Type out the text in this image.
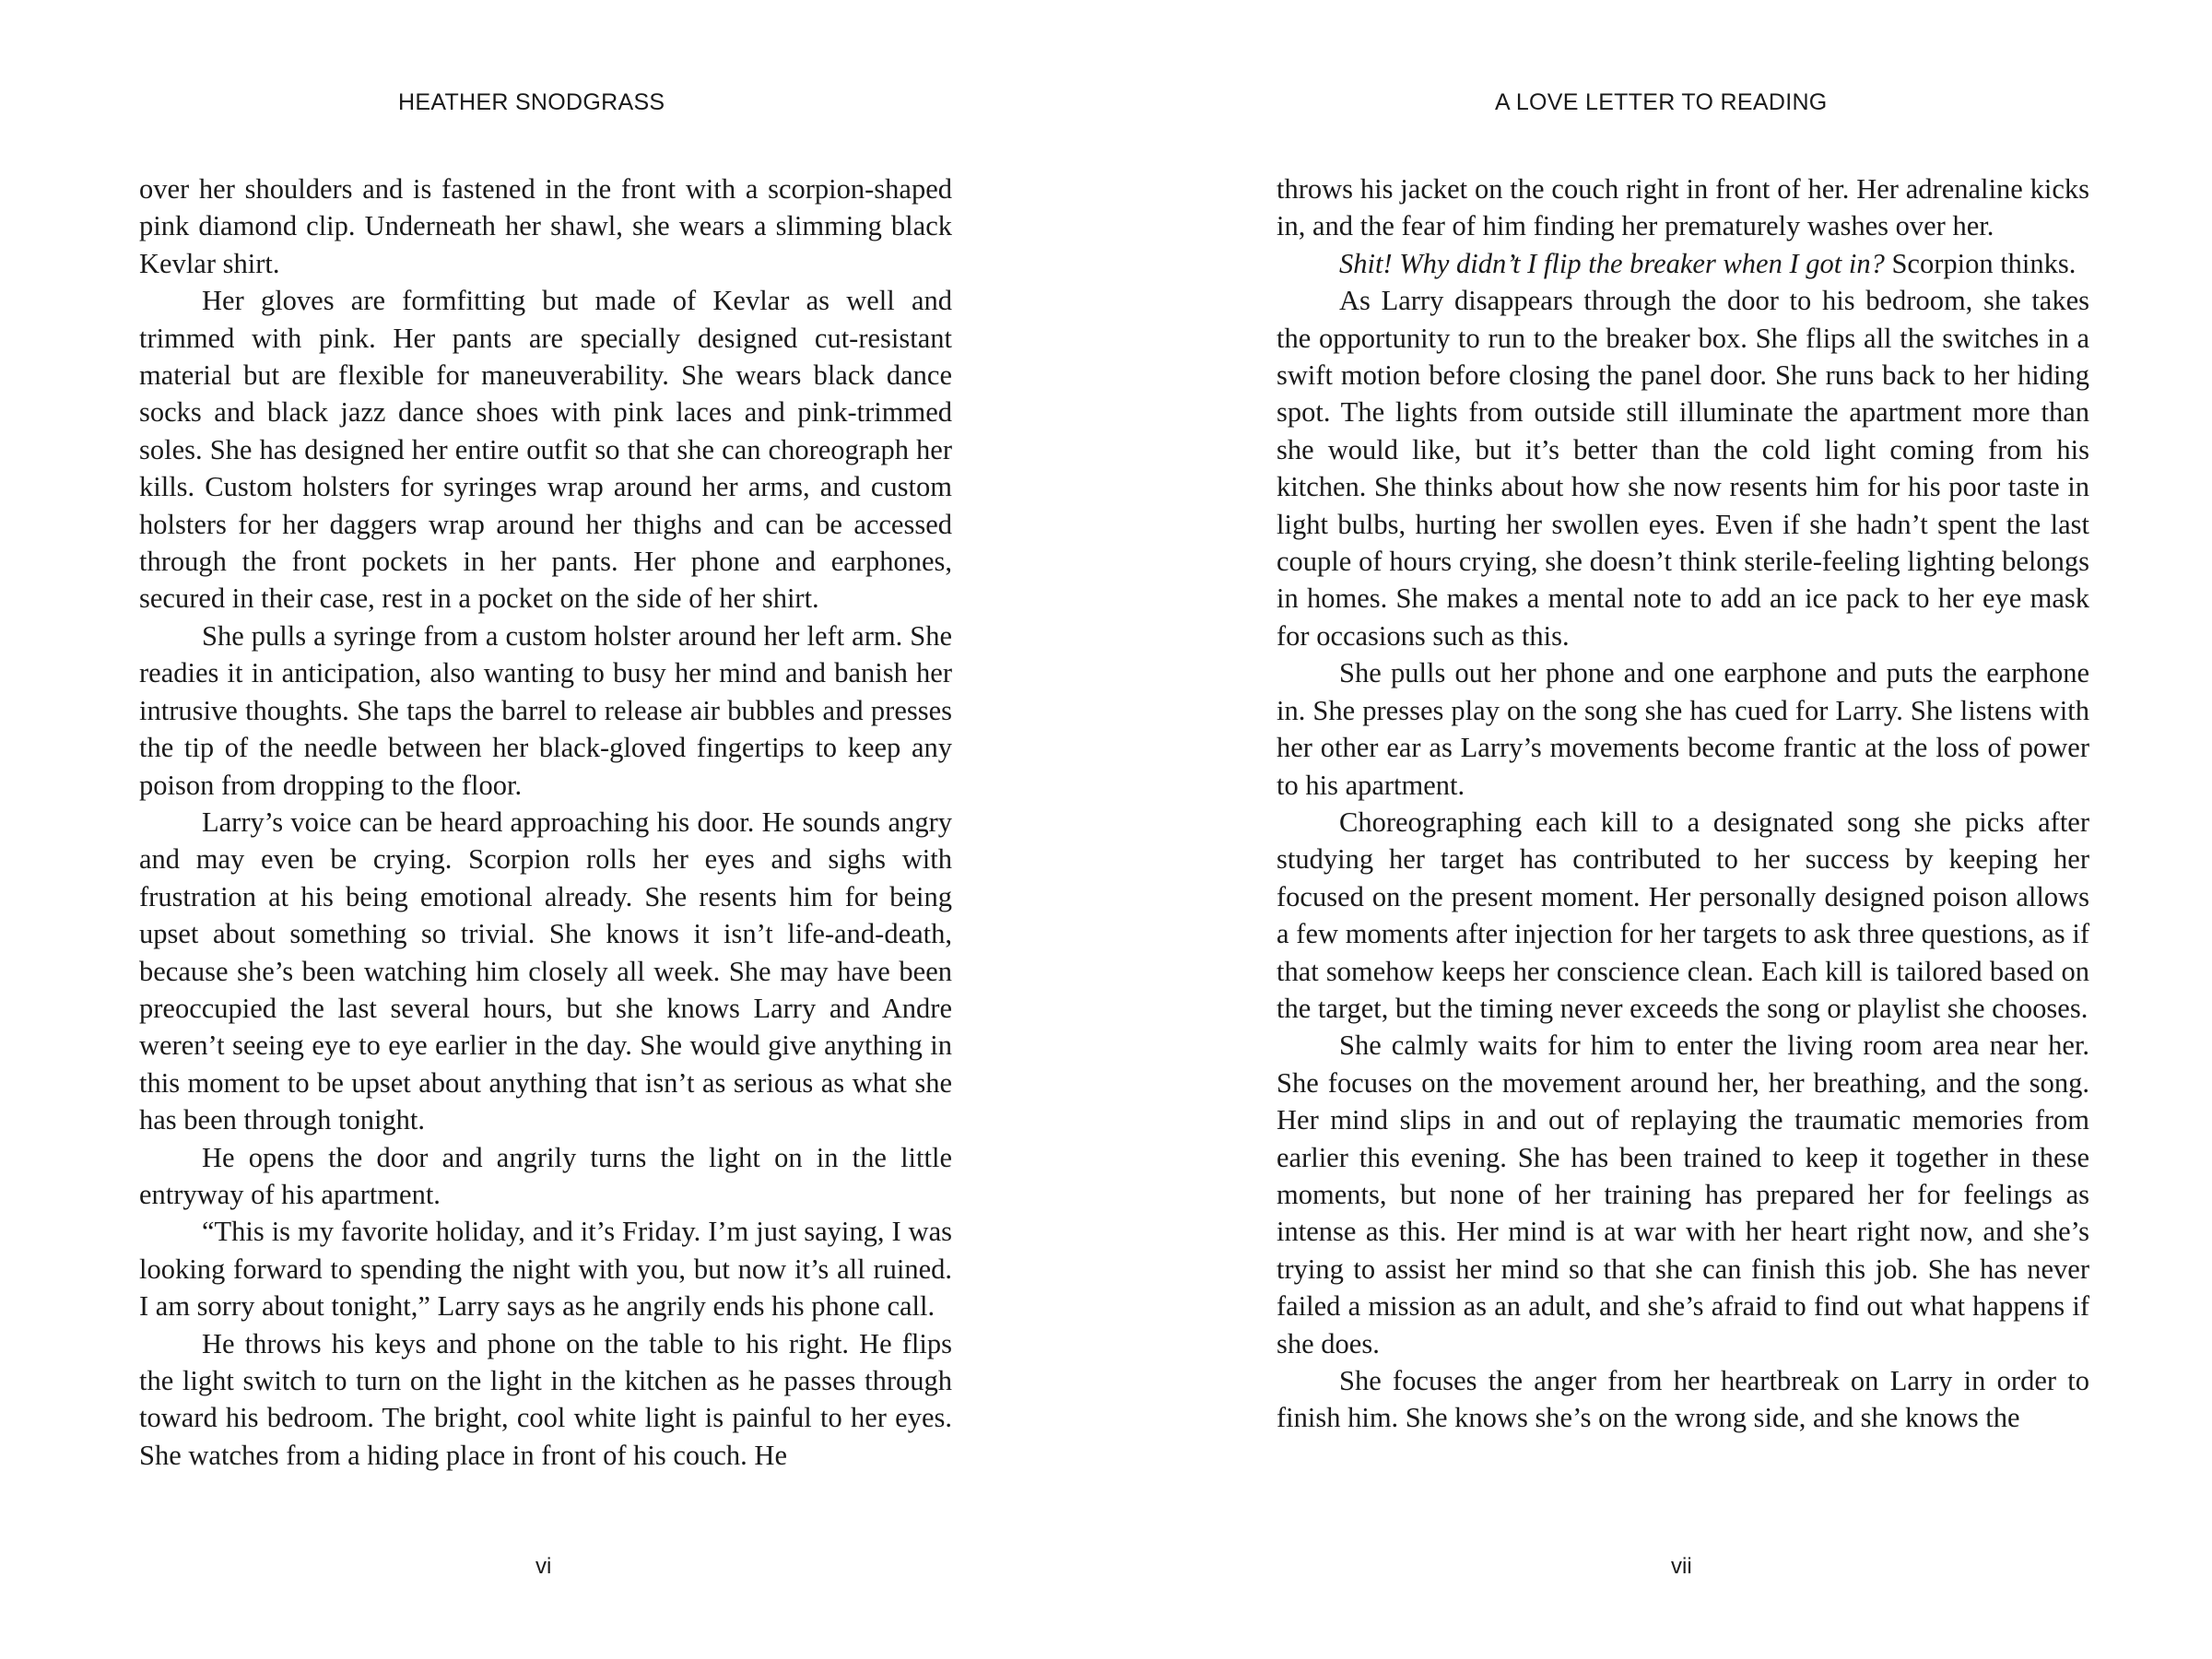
HEATHER SNODGRASS

over her shoulders and is fastened in the front with a scorpion-shaped pink diamond clip. Underneath her shawl, she wears a slimming black Kevlar shirt.

Her gloves are formfitting but made of Kevlar as well and trimmed with pink. Her pants are specially designed cut-resistant material but are flexible for maneuverability. She wears black dance socks and black jazz dance shoes with pink laces and pink-trimmed soles. She has designed her entire outfit so that she can choreograph her kills. Custom holsters for syringes wrap around her arms, and custom holsters for her daggers wrap around her thighs and can be accessed through the front pockets in her pants. Her phone and earphones, secured in their case, rest in a pocket on the side of her shirt.

She pulls a syringe from a custom holster around her left arm. She readies it in anticipation, also wanting to busy her mind and banish her intrusive thoughts. She taps the barrel to release air bubbles and presses the tip of the needle between her black-gloved fingertips to keep any poison from dropping to the floor.

Larry’s voice can be heard approaching his door. He sounds angry and may even be crying. Scorpion rolls her eyes and sighs with frustration at his being emotional already. She resents him for being upset about something so trivial. She knows it isn’t life-and-death, because she’s been watching him closely all week. She may have been preoccupied the last several hours, but she knows Larry and Andre weren’t seeing eye to eye earlier in the day. She would give anything in this moment to be upset about anything that isn’t as serious as what she has been through tonight.

He opens the door and angrily turns the light on in the little entryway of his apartment.

“This is my favorite holiday, and it’s Friday. I’m just saying, I was looking forward to spending the night with you, but now it’s all ruined. I am sorry about tonight,” Larry says as he angrily ends his phone call.

He throws his keys and phone on the table to his right. He flips the light switch to turn on the light in the kitchen as he passes through toward his bedroom. The bright, cool white light is painful to her eyes. She watches from a hiding place in front of his couch. He

vi
A LOVE LETTER TO READING

throws his jacket on the couch right in front of her. Her adrenaline kicks in, and the fear of him finding her prematurely washes over her.

Shit! Why didn’t I flip the breaker when I got in? Scorpion thinks.

As Larry disappears through the door to his bedroom, she takes the opportunity to run to the breaker box. She flips all the switches in a swift motion before closing the panel door. She runs back to her hiding spot. The lights from outside still illuminate the apartment more than she would like, but it’s better than the cold light coming from his kitchen. She thinks about how she now resents him for his poor taste in light bulbs, hurting her swollen eyes. Even if she hadn’t spent the last couple of hours crying, she doesn’t think sterile-feeling lighting belongs in homes. She makes a mental note to add an ice pack to her eye mask for occasions such as this.

She pulls out her phone and one earphone and puts the earphone in. She presses play on the song she has cued for Larry. She listens with her other ear as Larry’s movements become frantic at the loss of power to his apartment.

Choreographing each kill to a designated song she picks after studying her target has contributed to her success by keeping her focused on the present moment. Her personally designed poison allows a few moments after injection for her targets to ask three questions, as if that somehow keeps her conscience clean. Each kill is tailored based on the target, but the timing never exceeds the song or playlist she chooses.

She calmly waits for him to enter the living room area near her. She focuses on the movement around her, her breathing, and the song. Her mind slips in and out of replaying the traumatic memories from earlier this evening. She has been trained to keep it together in these moments, but none of her training has prepared her for feelings as intense as this. Her mind is at war with her heart right now, and she’s trying to assist her mind so that she can finish this job. She has never failed a mission as an adult, and she’s afraid to find out what happens if she does.

She focuses the anger from her heartbreak on Larry in order to finish him. She knows she’s on the wrong side, and she knows the

vii
